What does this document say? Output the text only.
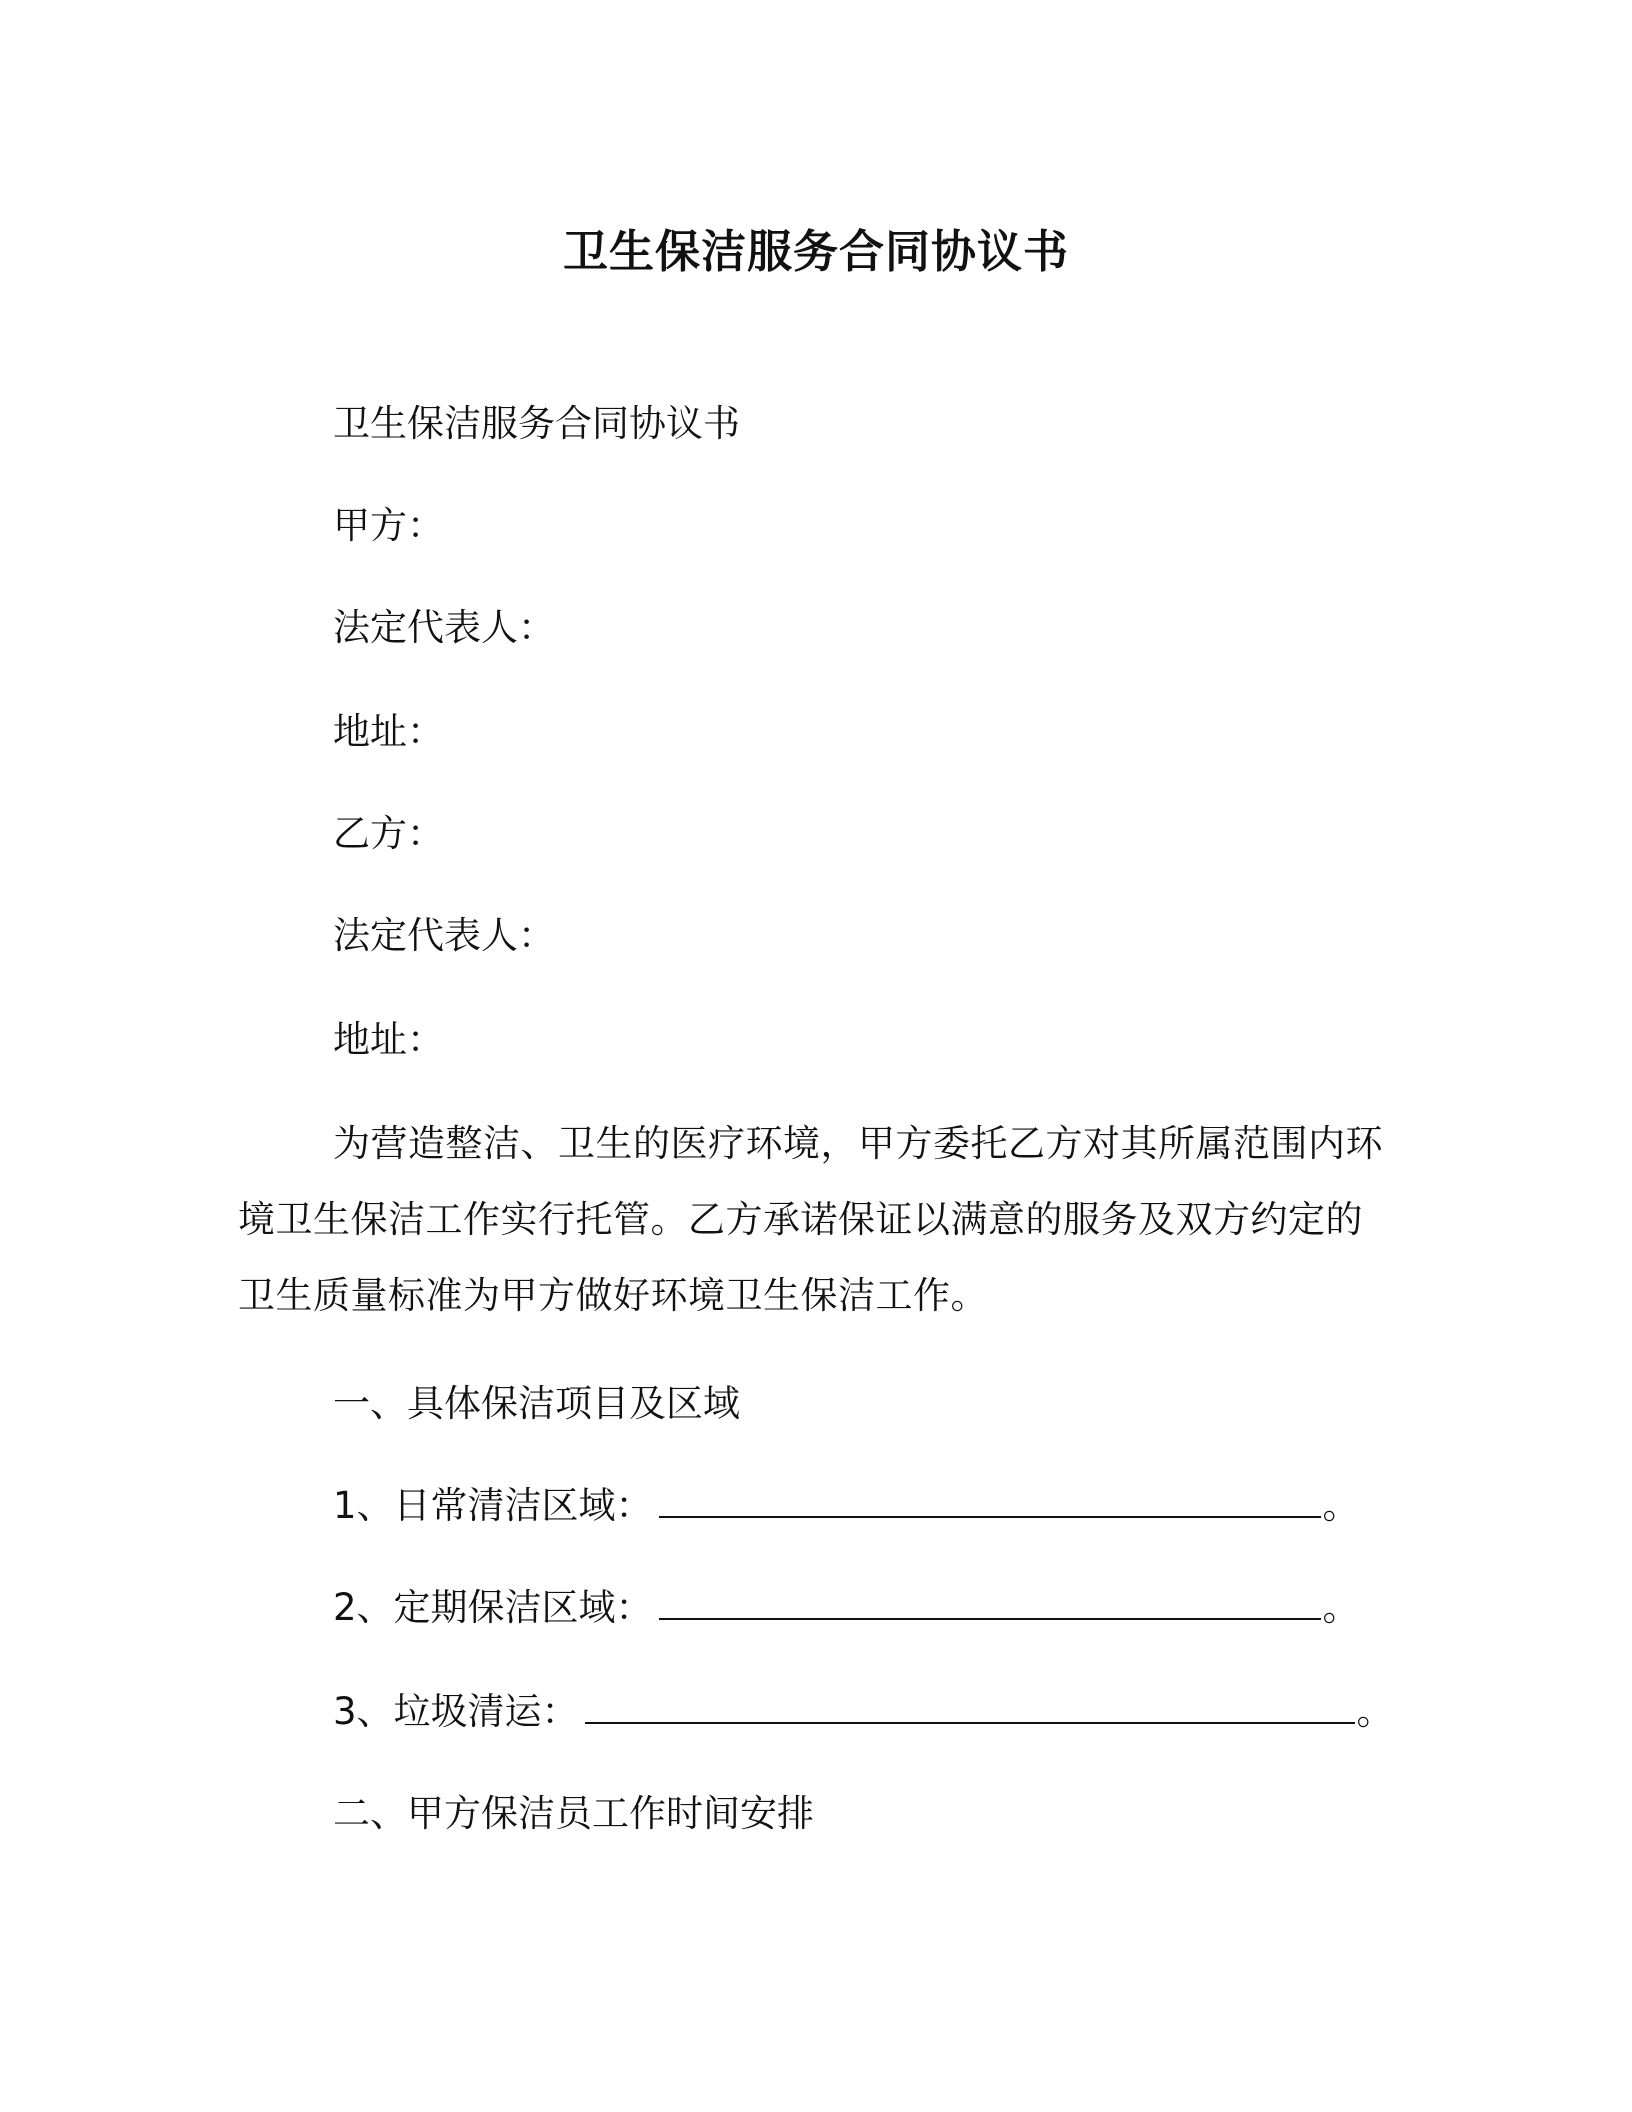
卫生保洁服务合同协议书

卫生保洁服务合同协议书

甲方：

法定代表人：

地址：

乙方：

法定代表人：

地址：

为营造整洁、卫生的医疗环境，甲方委托乙方对其所属范围内环境卫生保洁工作实行托管。乙方承诺保证以满意的服务及双方约定的卫生质量标准为甲方做好环境卫生保洁工作。

一、具体保洁项目及区域

1、日常清洁区域：	。

2、定期保洁区域：	。

3、垃圾清运：	。

二、甲方保洁员工作时间安排
